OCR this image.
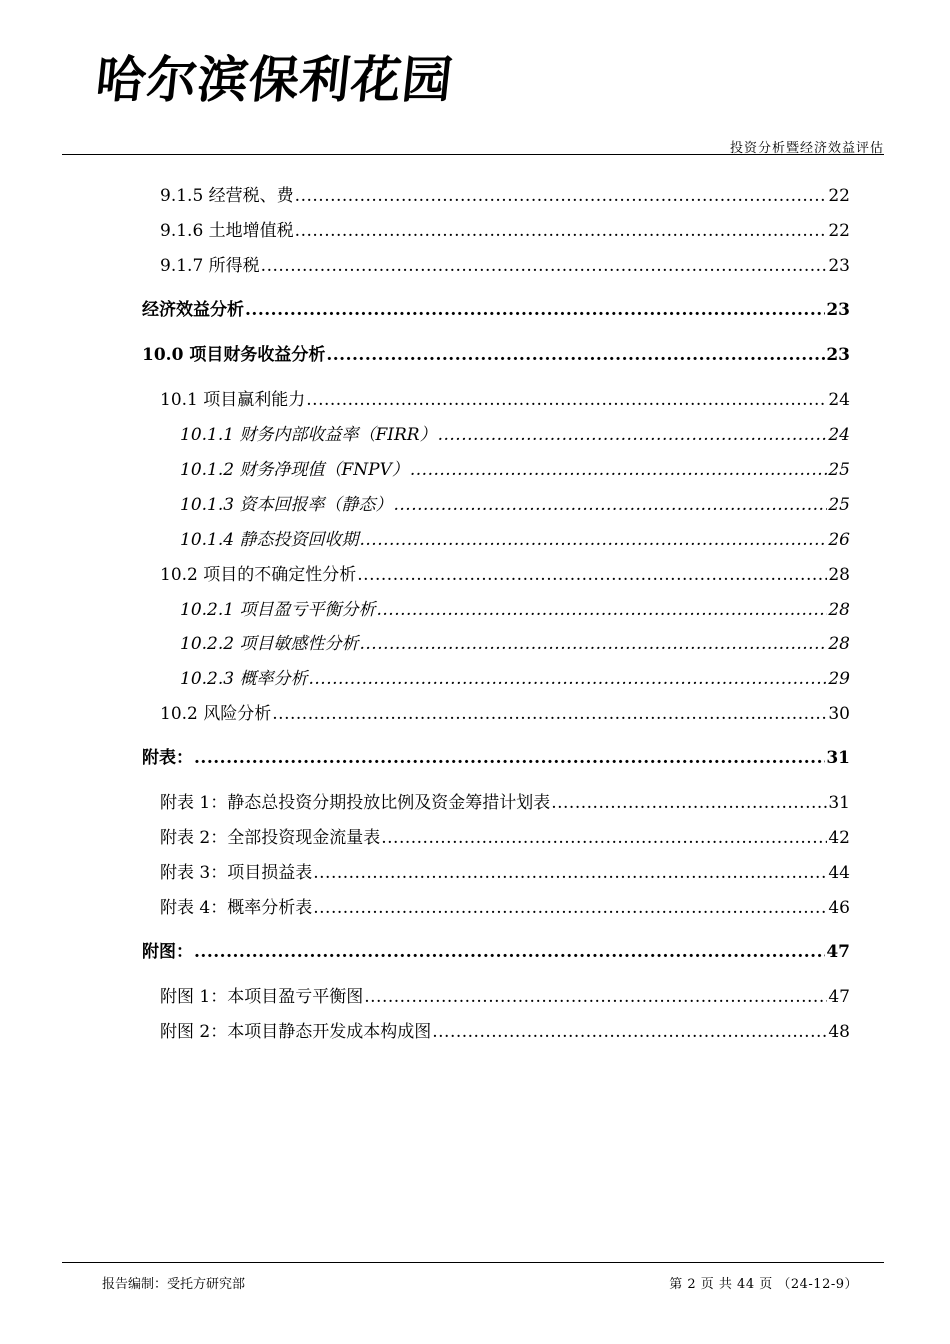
哈尔滨保利花园
投资分析暨经济效益评估
9.1.5 经营税、费 .....	22
9.1.6 土地增值税 .....	22
9.1.7 所得税 .....	23
经济效益分析 .....	23
10.0 项目财务收益分析 .....	23
10.1 项目赢利能力 .....	24
10.1.1 财务内部收益率（FIRR） .....	24
10.1.2 财务净现值（FNPV） .....	25
10.1.3 资本回报率（静态） .....	25
10.1.4 静态投资回收期 .....	26
10.2 项目的不确定性分析 .....	28
10.2.1 项目盈亏平衡分析 .....	28
10.2.2 项目敏感性分析 .....	28
10.2.3 概率分析 .....	29
10.2 风险分析 .....	30
附表： .....	31
附表 1：静态总投资分期投放比例及资金筹措计划表 .....	31
附表 2：全部投资现金流量表 .....	42
附表 3：项目损益表 .....	44
附表 4：概率分析表 .....	46
附图： .....	47
附图 1：本项目盈亏平衡图 .....	47
附图 2：本项目静态开发成本构成图 .....	48
报告编制：受托方研究部	第 2 页 共 44 页 （24-12-9）
